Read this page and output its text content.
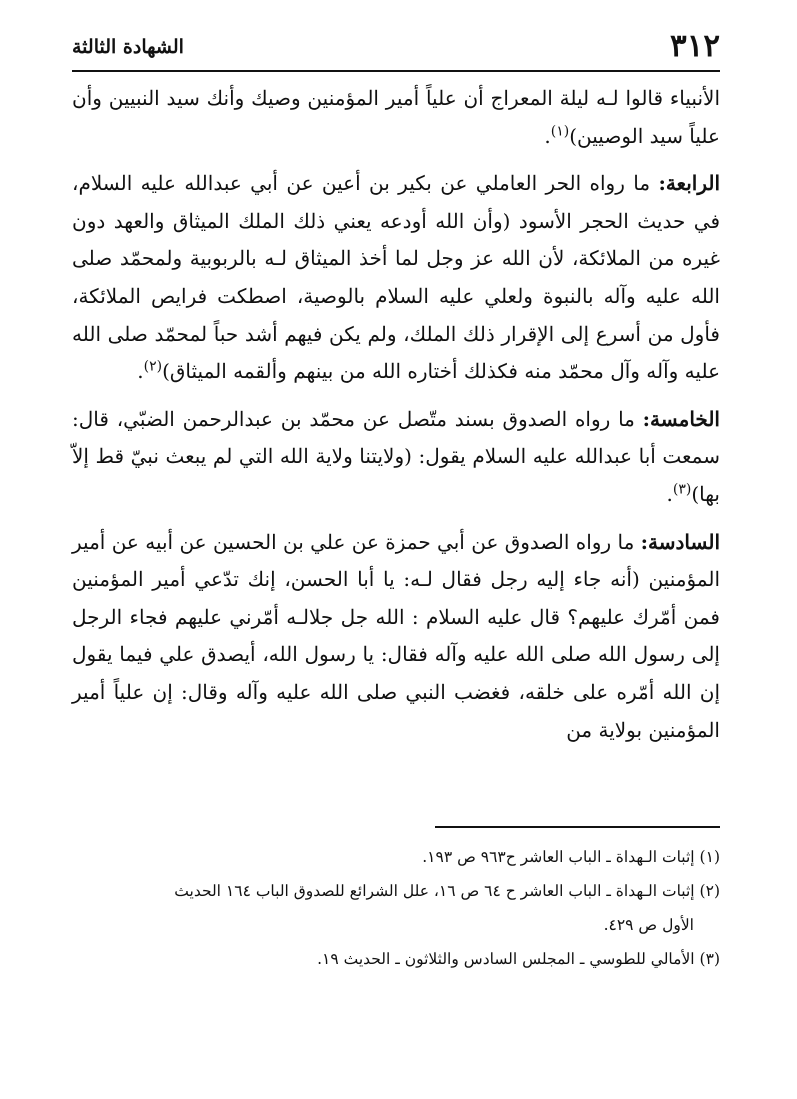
٣١٢
الشهادة الثالثة

الأنبياء قالوا لـه ليلة المعراج أن علياً أمير المؤمنين وصيك وأنك سيد النبيين وأن علياً سيد الوصيين)$^{(١)}$.

الرابعة: ما رواه الحر العاملي عن بكير بن أعين عن أبي عبدالله عليه السلام، في حديث الحجر الأسود (وأن الله أودعه يعني ذلك الملك الميثاق والعهد دون غيره من الملائكة، لأن الله عز وجل لما أخذ الميثاق لـه بالربوبية ولمحمّد صلى الله عليه وآله بالنبوة ولعلي عليه السلام بالوصية، اصطكت فرايص الملائكة، فأول من أسرع إلى الإقرار ذلك الملك، ولم يكن فيهم أشد حباً لمحمّد صلى الله عليه وآله وآل محمّد منه فكذلك أختاره الله من بينهم وألقمه الميثاق)$^{(٢)}$.

الخامسة: ما رواه الصدوق بسند متّصل عن محمّد بن عبدالرحمن الضبّي، قال: سمعت أبا عبدالله عليه السلام يقول: (ولايتنا ولاية الله التي لم يبعث نبيّ قط إلاّ بها)$^{(٣)}$.

السادسة: ما رواه الصدوق عن أبي حمزة عن علي بن الحسين عن أبيه عن أمير المؤمنين (أنه جاء إليه رجل فقال لـه: يا أبا الحسن، إنك تدّعي أمير المؤمنين فمن أمّرك عليهم؟ قال عليه السلام : الله جل جلالـه أمّرني عليهم فجاء الرجل إلى رسول الله صلى الله عليه وآله فقال: يا رسول الله، أيصدق علي فيما يقول إن الله أمّره على خلقه، فغضب النبي صلى الله عليه وآله وقال: إن علياً أمير المؤمنين بولاية من

(١) إثبات الـهداة ـ الباب العاشر ح٩٦٣ ص ١٩٣.
(٢) إثبات الـهداة ـ الباب العاشر ح ٦٤ ص ١٦، علل الشرائع للصدوق الباب ١٦٤ الحديث
الأول ص ٤٢٩.
(٣) الأمالي للطوسي ـ المجلس السادس والثلاثون ـ الحديث ١٩.
